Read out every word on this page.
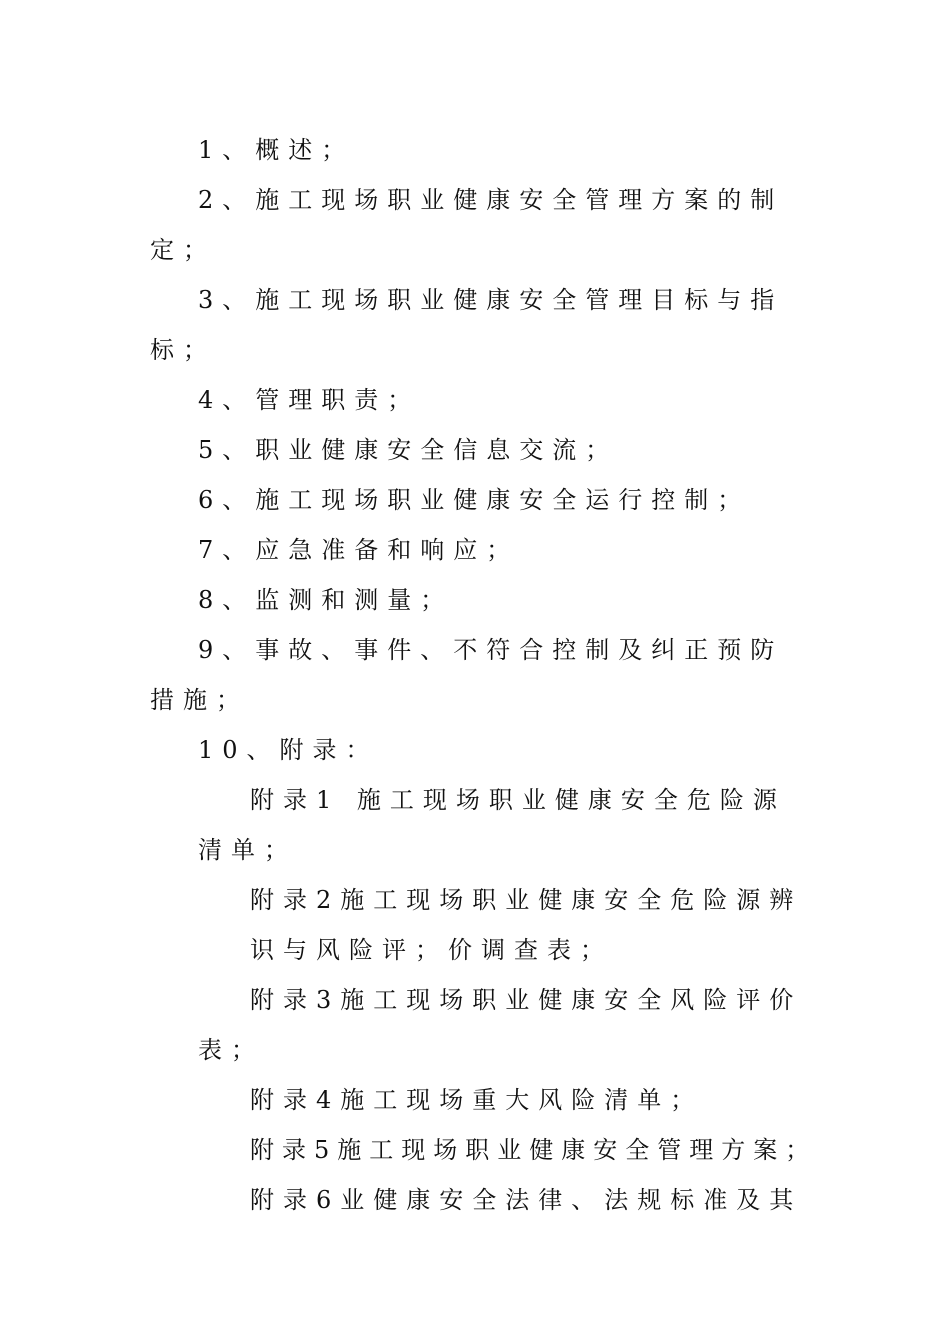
1、概述；
2、施工现场职业健康安全管理方案的制
定；
3、施工现场职业健康安全管理目标与指
标；
4、管理职责；
5、职业健康安全信息交流；
6、施工现场职业健康安全运行控制；
7、应急准备和响应；
8、监测和测量；
9、事故、事件、不符合控制及纠正预防
措施；
10、附录：
附录1 施工现场职业健康安全危险源
清单；
附录2施工现场职业健康安全危险源辨
识与风险评；价调查表；
附录3施工现场职业健康安全风险评价
表；
附录4施工现场重大风险清单；
附录5施工现场职业健康安全管理方案；
附录6业健康安全法律、法规标准及其
